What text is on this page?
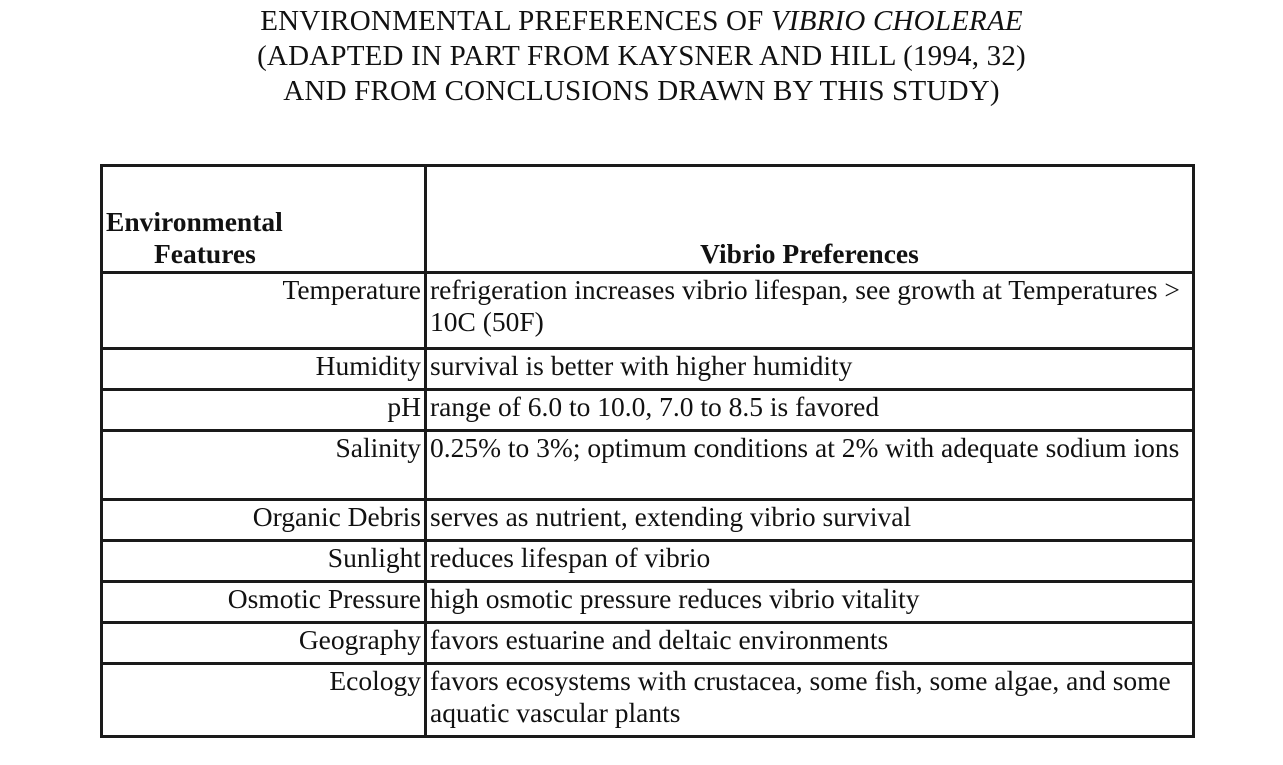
ENVIRONMENTAL PREFERENCES OF VIBRIO CHOLERAE
(ADAPTED IN PART FROM KAYSNER AND HILL (1994, 32)
AND FROM CONCLUSIONS DRAWN BY THIS STUDY)
Environmental
Features	Vibrio Preferences
Temperature	refrigeration increases vibrio lifespan, see growth at Temperatures > 10C (50F)
Humidity	survival is better with higher humidity
pH	range of 6.0 to 10.0, 7.0 to 8.5 is favored
Salinity	0.25% to 3%; optimum conditions at 2% with adequate sodium ions
Organic Debris	serves as nutrient, extending vibrio survival
Sunlight	reduces lifespan of vibrio
Osmotic Pressure	high osmotic pressure reduces vibrio vitality
Geography	favors estuarine and deltaic environments
Ecology	favors ecosystems with crustacea, some fish, some algae, and some aquatic vascular plants
